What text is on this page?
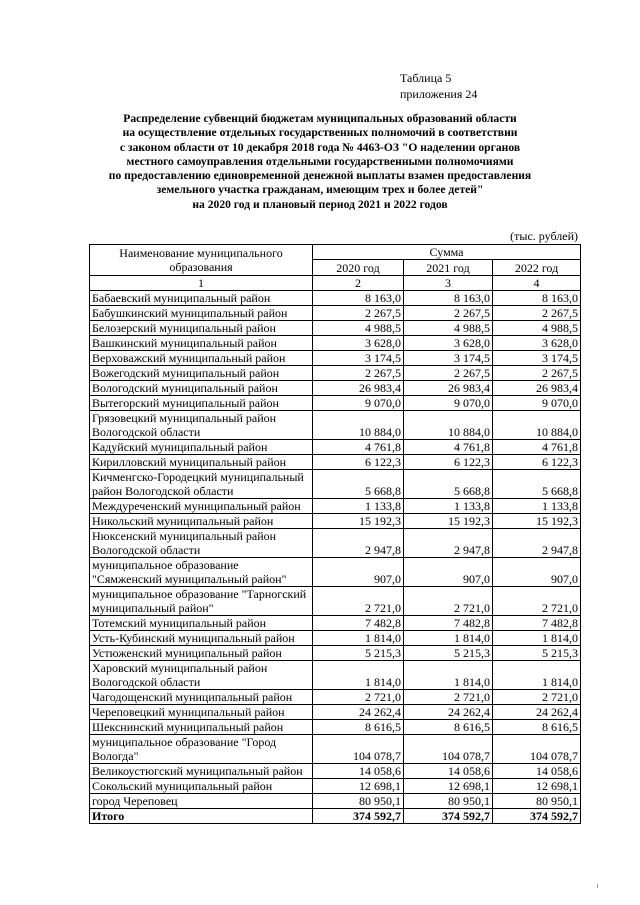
Таблица 5
приложения 24
Распределение субвенций бюджетам муниципальных образований области
на осуществление отдельных государственных полномочий в соответствии
с законом области от 10 декабря 2018 года № 4463-ОЗ "О наделении органов
местного самоуправления отдельными государственными полномочиями
по предоставлению единовременной денежной выплаты взамен предоставления
земельного участка гражданам, имеющим трех и более детей"
на 2020 год и плановый период 2021 и 2022 годов
(тыс. рублей)
Наименование муниципального образования	Сумма		
	2020 год	2021 год	2022 год
1	2	3	4
Бабаевский муниципальный район	8 163,0	8 163,0	8 163,0
Бабушкинский муниципальный район	2 267,5	2 267,5	2 267,5
Белозерский муниципальный район	4 988,5	4 988,5	4 988,5
Вашкинский муниципальный район	3 628,0	3 628,0	3 628,0
Верховажский муниципальный район	3 174,5	3 174,5	3 174,5
Вожегодский муниципальный район	2 267,5	2 267,5	2 267,5
Вологодский муниципальный район	26 983,4	26 983,4	26 983,4
Вытегорский муниципальный район	9 070,0	9 070,0	9 070,0
Грязовецкий муниципальный район Вологодской области	10 884,0	10 884,0	10 884,0
Кадуйский муниципальный район	4 761,8	4 761,8	4 761,8
Кирилловский муниципальный район	6 122,3	6 122,3	6 122,3
Кичменгско-Городецкий муниципальный район Вологодской области	5 668,8	5 668,8	5 668,8
Междуреченский муниципальный район	1 133,8	1 133,8	1 133,8
Никольский муниципальный район	15 192,3	15 192,3	15 192,3
Нюксенский муниципальный район Вологодской области	2 947,8	2 947,8	2 947,8
муниципальное образование "Сямженский муниципальный район"	907,0	907,0	907,0
муниципальное образование "Тарногский муниципальный район"	2 721,0	2 721,0	2 721,0
Тотемский муниципальный район	7 482,8	7 482,8	7 482,8
Усть-Кубинский муниципальный район	1 814,0	1 814,0	1 814,0
Устюженский муниципальный район	5 215,3	5 215,3	5 215,3
Харовский муниципальный район Вологодской области	1 814,0	1 814,0	1 814,0
Чагодощенский муниципальный район	2 721,0	2 721,0	2 721,0
Череповецкий муниципальный район	24 262,4	24 262,4	24 262,4
Шекснинский муниципальный район	8 616,5	8 616,5	8 616,5
муниципальное образование "Город Вологда"	104 078,7	104 078,7	104 078,7
Великоустюгский муниципальный район	14 058,6	14 058,6	14 058,6
Сокольский муниципальный район	12 698,1	12 698,1	12 698,1
город Череповец	80 950,1	80 950,1	80 950,1
Итого	374 592,7	374 592,7	374 592,7
